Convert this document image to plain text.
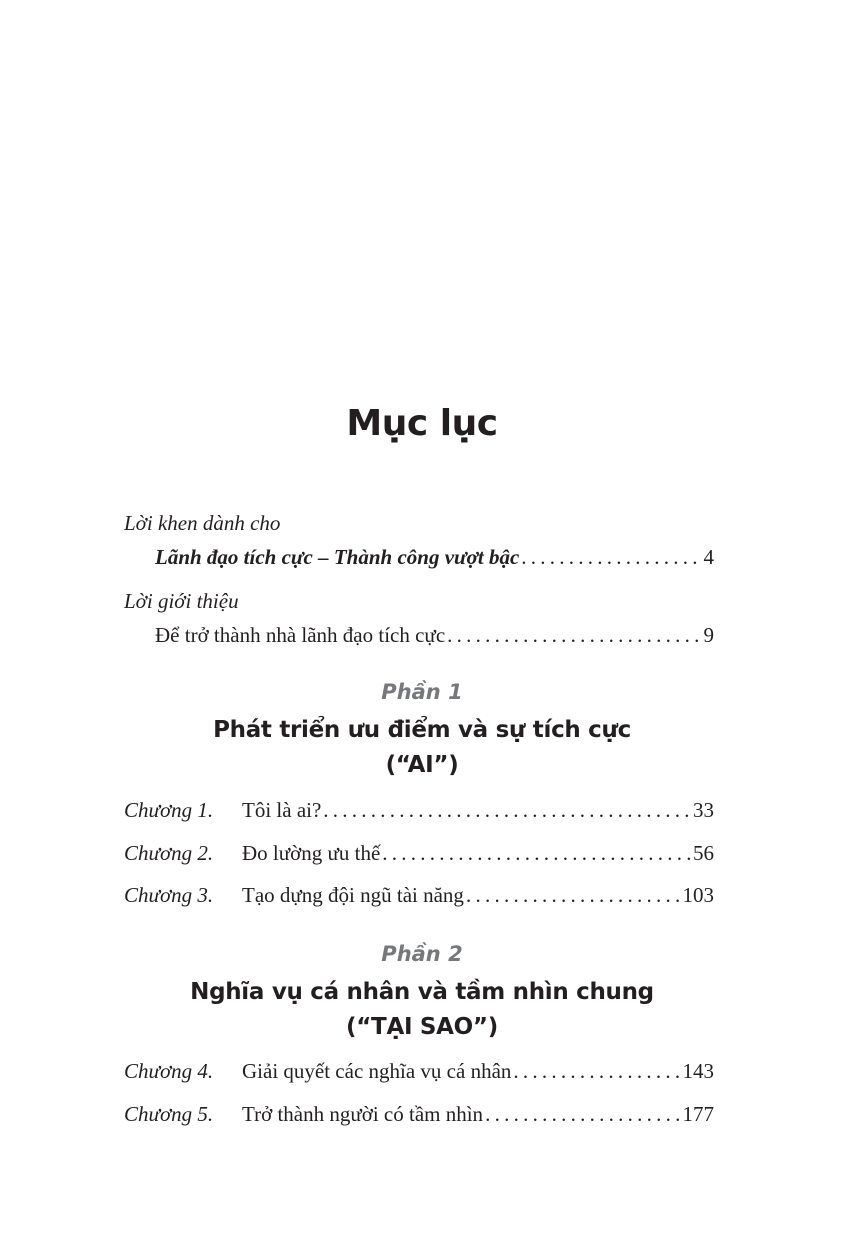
Mục lục
Lời khen dành cho
Lãnh đạo tích cực – Thành công vượt bậc . . .	4
Lời giới thiệu
Để trở thành nhà lãnh đạo tích cực . . .	9
Phần 1
Phát triển ưu điểm và sự tích cực
(“AI”)
Chương 1.	Tôi là ai? . . .	33
Chương 2.	Đo lường ưu thế . . .	56
Chương 3.	Tạo dựng đội ngũ tài năng . . .	103
Phần 2
Nghĩa vụ cá nhân và tầm nhìn chung
(“TẠI SAO”)
Chương 4.	Giải quyết các nghĩa vụ cá nhân . . .	143
Chương 5.	Trở thành người có tầm nhìn . . .	177
